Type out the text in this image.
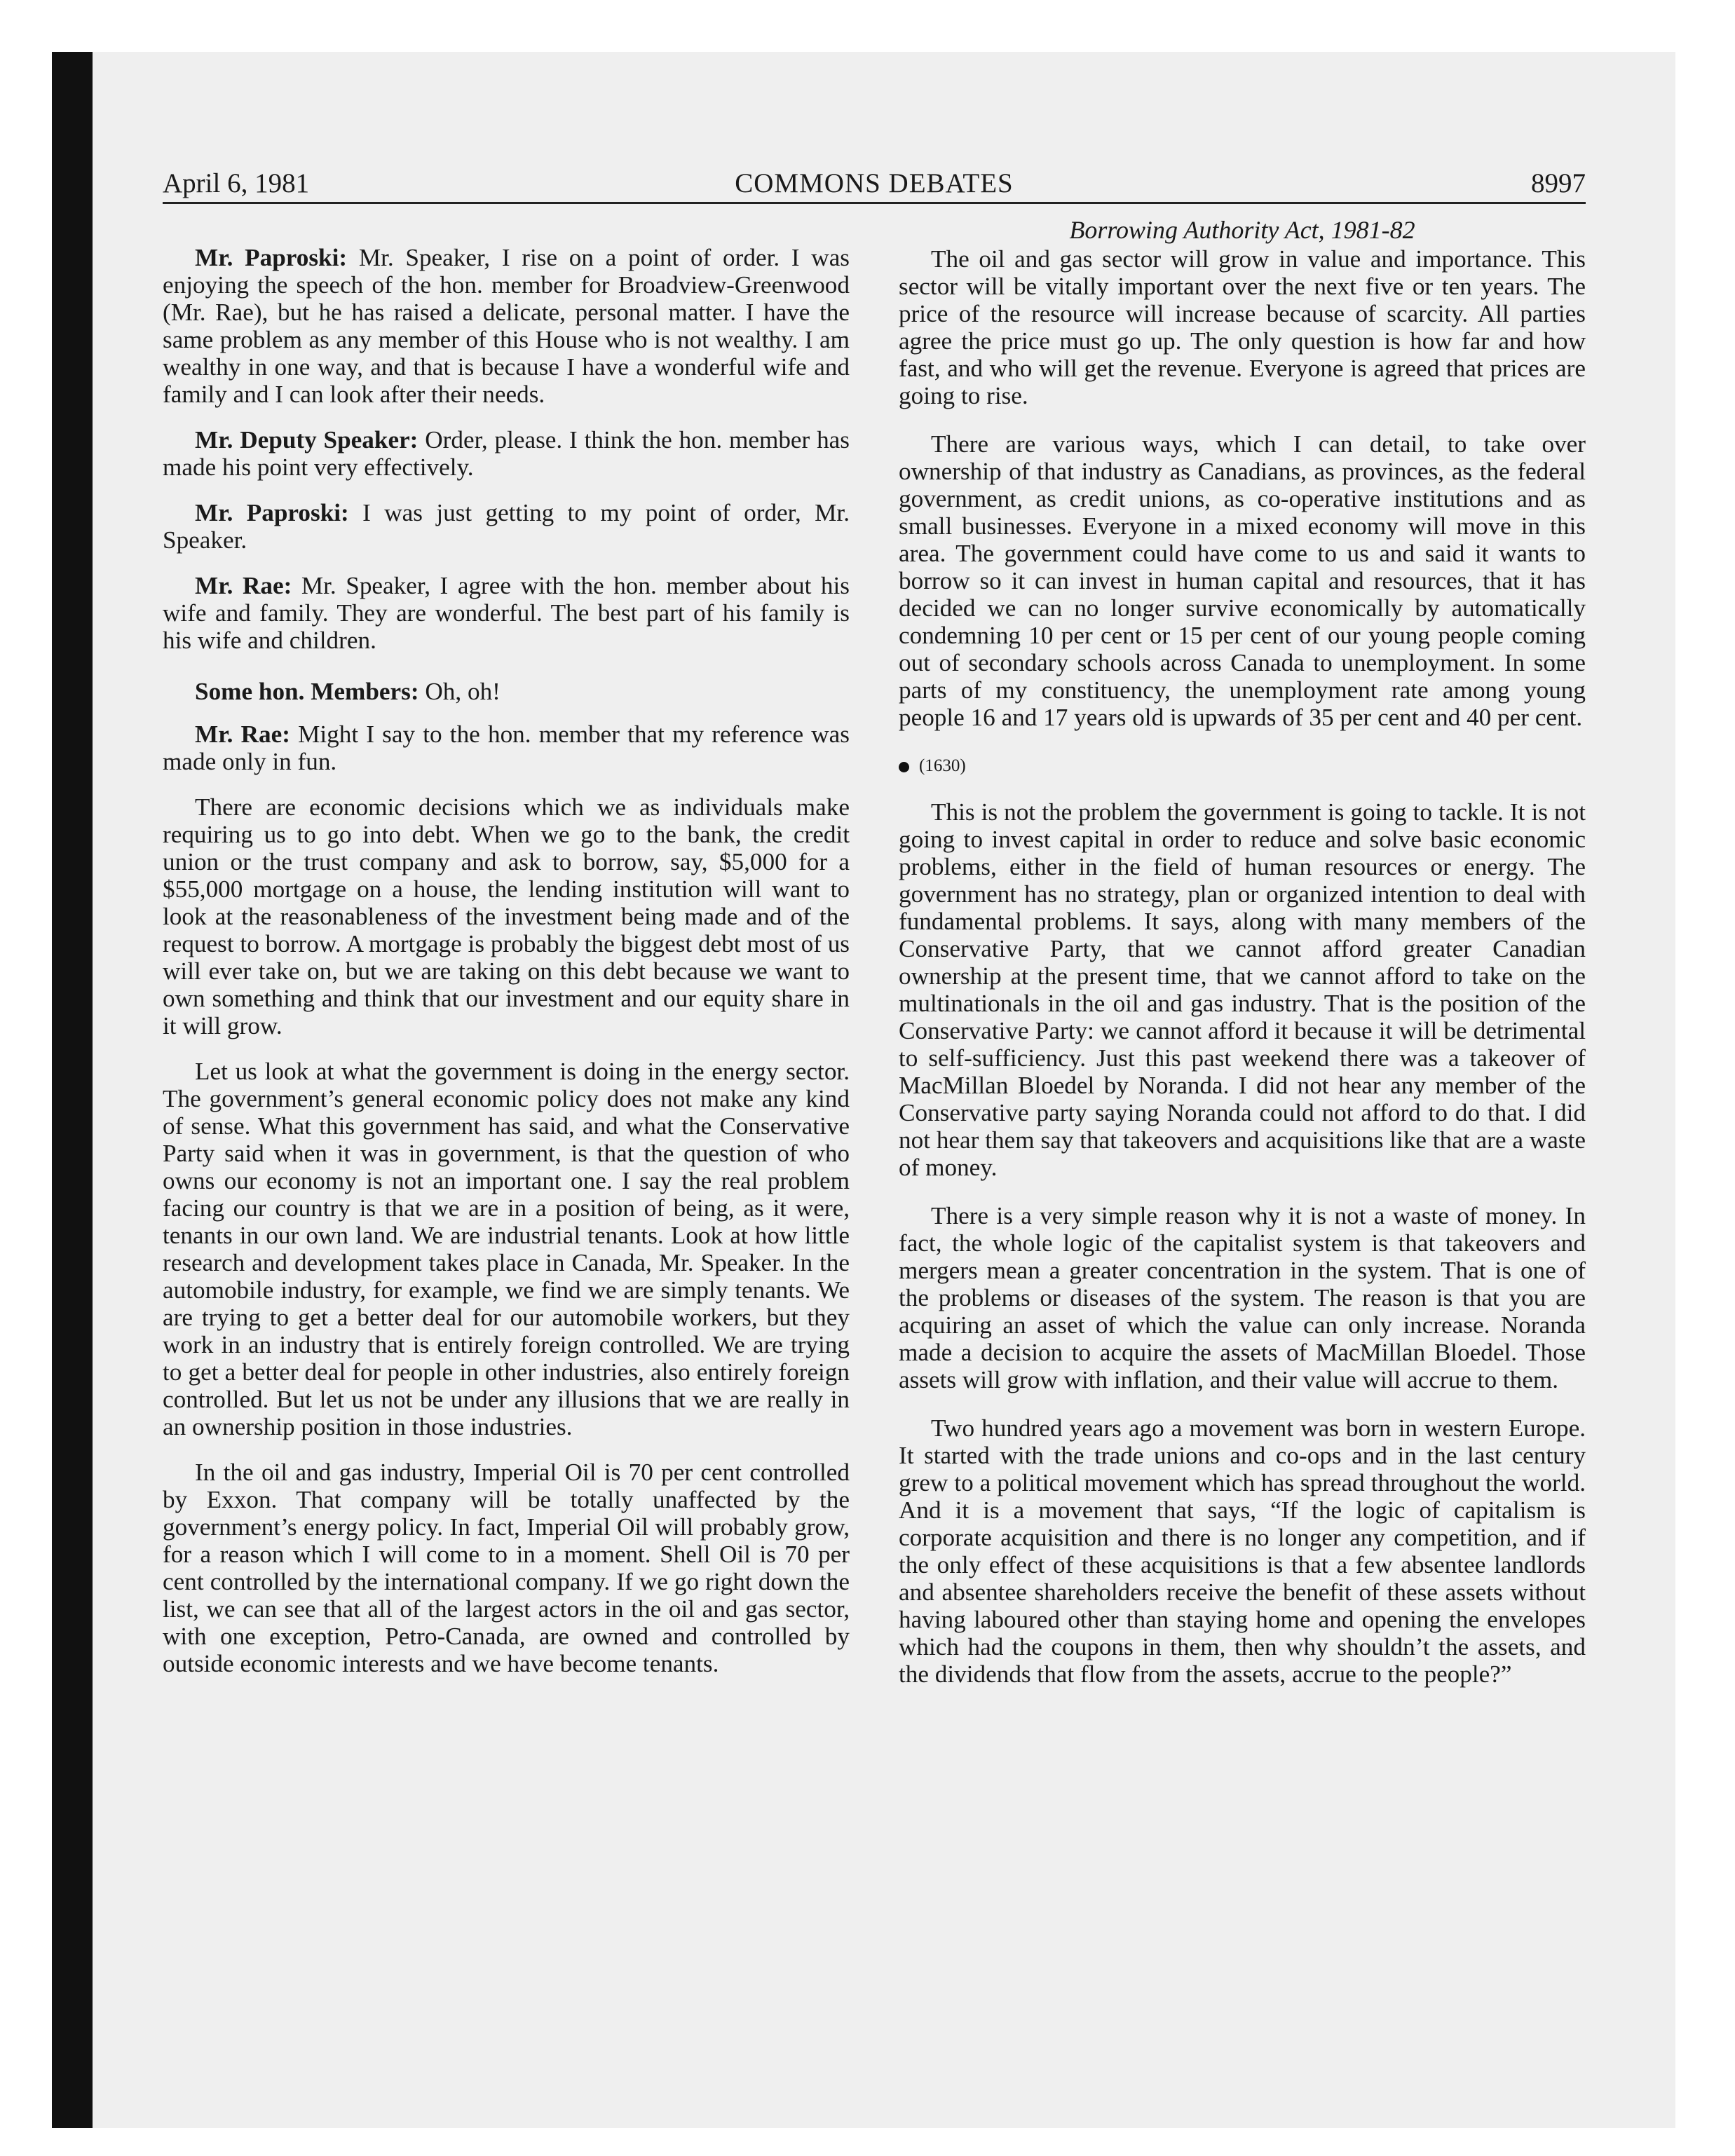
April 6, 1981	COMMONS DEBATES	8997
Borrowing Authority Act, 1981-82

Mr. Paproski: Mr. Speaker, I rise on a point of order. I was enjoying the speech of the hon. member for Broadview-Greenwood (Mr. Rae), but he has raised a delicate, personal matter. I have the same problem as any member of this House who is not wealthy. I am wealthy in one way, and that is because I have a wonderful wife and family and I can look after their needs.

Mr. Deputy Speaker: Order, please. I think the hon. member has made his point very effectively.

Mr. Paproski: I was just getting to my point of order, Mr. Speaker.

Mr. Rae: Mr. Speaker, I agree with the hon. member about his wife and family. They are wonderful. The best part of his family is his wife and children.

Some hon. Members: Oh, oh!

Mr. Rae: Might I say to the hon. member that my reference was made only in fun.

There are economic decisions which we as individuals make requiring us to go into debt. When we go to the bank, the credit union or the trust company and ask to borrow, say, $5,000 for a $55,000 mortgage on a house, the lending institution will want to look at the reasonableness of the investment being made and of the request to borrow. A mortgage is probably the biggest debt most of us will ever take on, but we are taking on this debt because we want to own something and think that our investment and our equity share in it will grow.

Let us look at what the government is doing in the energy sector. The government’s general economic policy does not make any kind of sense. What this government has said, and what the Conservative Party said when it was in government, is that the question of who owns our economy is not an important one. I say the real problem facing our country is that we are in a position of being, as it were, tenants in our own land. We are industrial tenants. Look at how little research and development takes place in Canada, Mr. Speaker. In the automobile industry, for example, we find we are simply tenants. We are trying to get a better deal for our automobile workers, but they work in an industry that is entirely foreign controlled. We are trying to get a better deal for people in other industries, also entirely foreign controlled. But let us not be under any illusions that we are really in an ownership position in those industries.

In the oil and gas industry, Imperial Oil is 70 per cent controlled by Exxon. That company will be totally unaffected by the government’s energy policy. In fact, Imperial Oil will probably grow, for a reason which I will come to in a moment. Shell Oil is 70 per cent controlled by the international company. If we go right down the list, we can see that all of the largest actors in the oil and gas sector, with one exception, Petro-Canada, are owned and controlled by outside economic interests and we have become tenants.

The oil and gas sector will grow in value and importance. This sector will be vitally important over the next five or ten years. The price of the resource will increase because of scarcity. All parties agree the price must go up. The only question is how far and how fast, and who will get the revenue. Everyone is agreed that prices are going to rise.

There are various ways, which I can detail, to take over ownership of that industry as Canadians, as provinces, as the federal government, as credit unions, as co-operative institutions and as small businesses. Everyone in a mixed economy will move in this area. The government could have come to us and said it wants to borrow so it can invest in human capital and resources, that it has decided we can no longer survive economically by automatically condemning 10 per cent or 15 per cent of our young people coming out of secondary schools across Canada to unemployment. In some parts of my constituency, the unemployment rate among young people 16 and 17 years old is upwards of 35 per cent and 40 per cent.

(1630)

This is not the problem the government is going to tackle. It is not going to invest capital in order to reduce and solve basic economic problems, either in the field of human resources or energy. The government has no strategy, plan or organized intention to deal with fundamental problems. It says, along with many members of the Conservative Party, that we cannot afford greater Canadian ownership at the present time, that we cannot afford to take on the multinationals in the oil and gas industry. That is the position of the Conservative Party: we cannot afford it because it will be detrimental to self-sufficiency. Just this past weekend there was a takeover of MacMillan Bloedel by Noranda. I did not hear any member of the Conservative party saying Noranda could not afford to do that. I did not hear them say that takeovers and acquisitions like that are a waste of money.

There is a very simple reason why it is not a waste of money. In fact, the whole logic of the capitalist system is that takeovers and mergers mean a greater concentration in the system. That is one of the problems or diseases of the system. The reason is that you are acquiring an asset of which the value can only increase. Noranda made a decision to acquire the assets of MacMillan Bloedel. Those assets will grow with inflation, and their value will accrue to them.

Two hundred years ago a movement was born in western Europe. It started with the trade unions and co-ops and in the last century grew to a political movement which has spread throughout the world. And it is a movement that says, “If the logic of capitalism is corporate acquisition and there is no longer any competition, and if the only effect of these acquisitions is that a few absentee landlords and absentee shareholders receive the benefit of these assets without having laboured other than staying home and opening the envelopes which had the coupons in them, then why shouldn’t the assets, and the dividends that flow from the assets, accrue to the people?”
